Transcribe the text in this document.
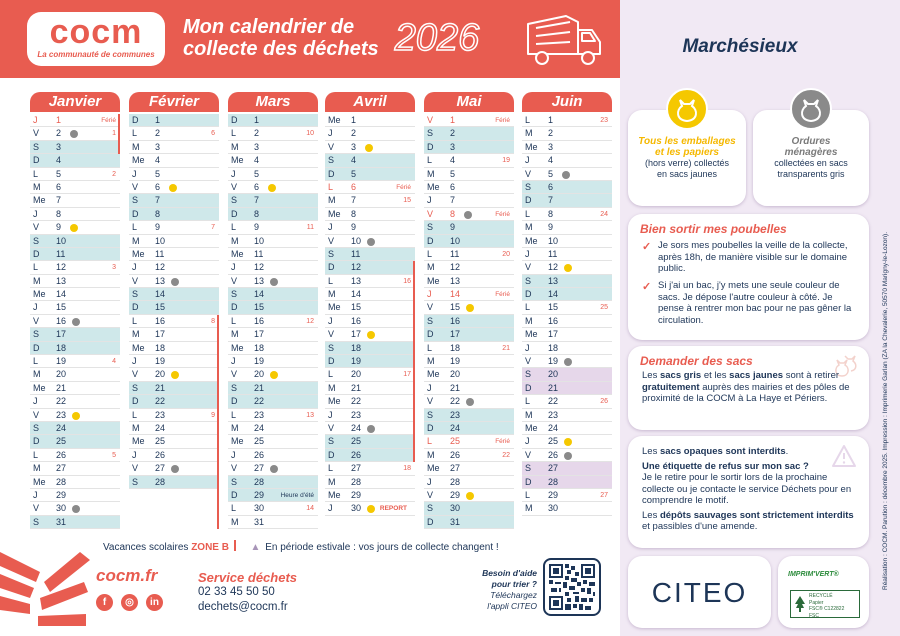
cocm
La communauté de communes
Mon calendrier de
collecte des déchets 2026	Marchésieux
Janvier
J 1	Férié
V 2	1
S 3
D 4
L 5	2
M 6
Me 7
J 8
V 9
S 10
D 11
L 12	3
M 13
Me 14
J 15
V 16
S 17
D 18
L 19	4
M 20
Me 21
J 22
V 23
S 24
D 25
L 26	5
M 27
Me 28
J 29
V 30
S 31
Février
D 1
L 2	6
M 3
Me 4
J 5
V 6
S 7
D 8
L 9	7
M 10
Me 11
J 12
V 13
S 14
D 15
L 16	8
M 17
Me 18
J 19
V 20
S 21
D 22
L 23	9
M 24
Me 25
J 26
V 27
S 28
Mars
D 1
L 2	10
M 3
Me 4
J 5
V 6
S 7
D 8
L 9	11
M 10
Me 11
J 12
V 13
S 14
D 15
L 16	12
M 17
Me 18
J 19
V 20
S 21
D 22
L 23	13
M 24
Me 25
J 26
V 27
S 28
D 29	Heure d'été
L 30	14
M 31
Avril
Me 1
J 2
V 3
S 4
D 5
L 6	Férié
M 7	15
Me 8
J 9
V 10
S 11
D 12
L 13	16
M 14
Me 15
J 16
V 17
S 18
D 19
L 20	17
M 21
Me 22
J 23
V 24
S 25
D 26
L 27	18
M 28
Me 29
J 30	REPORT
Mai
V 1	Férié
S 2
D 3
L 4	19
M 5
Me 6
J 7
V 8	Férié
S 9
D 10
L 11	20
M 12
Me 13
J 14	Férié
V 15
S 16
D 17
L 18	21
M 19
Me 20
J 21
V 22
S 23
D 24
L 25	Férié
M 26	22
Me 27
J 28
V 29
S 30
D 31
Juin
L 1	23
M 2
Me 3
J 4
V 5
S 6
D 7
L 8	24
M 9
Me 10
J 11
V 12
S 13
D 14
L 15	25
M 16
Me 17
J 18
V 19
S 20
D 21
L 22	26
M 23
Me 24
J 25
V 26
S 27
D 28
L 29	27
M 30
Vacances scolaires ZONE B ▲ En période estivale : vos jours de collecte changent !
cocm.fr
f	◎	in
Service déchets
02 33 45 50 50
dechets@cocm.fr
Besoin d'aide
pour trier ?
Téléchargez
l'appli CITEO
Tous les emballages
et les papiers
(hors verre) collectés
en sacs jaunes
Ordures
ménagères
collectées en sacs
transparents gris
Bien sortir mes poubelles
✓ Je sors mes poubelles la veille de la collecte, après 18h, de manière visible sur le domaine public.
✓ Si j'ai un bac, j'y mets une seule couleur de sacs. Je dépose l'autre couleur à côté. Je pense à rentrer mon bac pour ne pas gêner la circulation.
Demander des sacs
Les sacs gris et les sacs jaunes sont à retirer gratuitement auprès des mairies et des pôles de proximité de la COCM à La Haye et Périers.
Les sacs opaques sont interdits.
Une étiquette de refus sur mon sac ?
Je le retire pour le sortir lors de la prochaine collecte ou je contacte le service Déchets pour en comprendre le motif.
Les dépôts sauvages sont strictement interdits et passibles d'une amende.
CITEO
IMPRIM'VERT®
RECYCLÉ
Papier
FSC® C122822
FSC
Réalisation : COCM. Parution : décembre 2025. Impression : Imprimerie Garlan (ZA la Chevalerie, 50570 Marigny-le-Lozon).
